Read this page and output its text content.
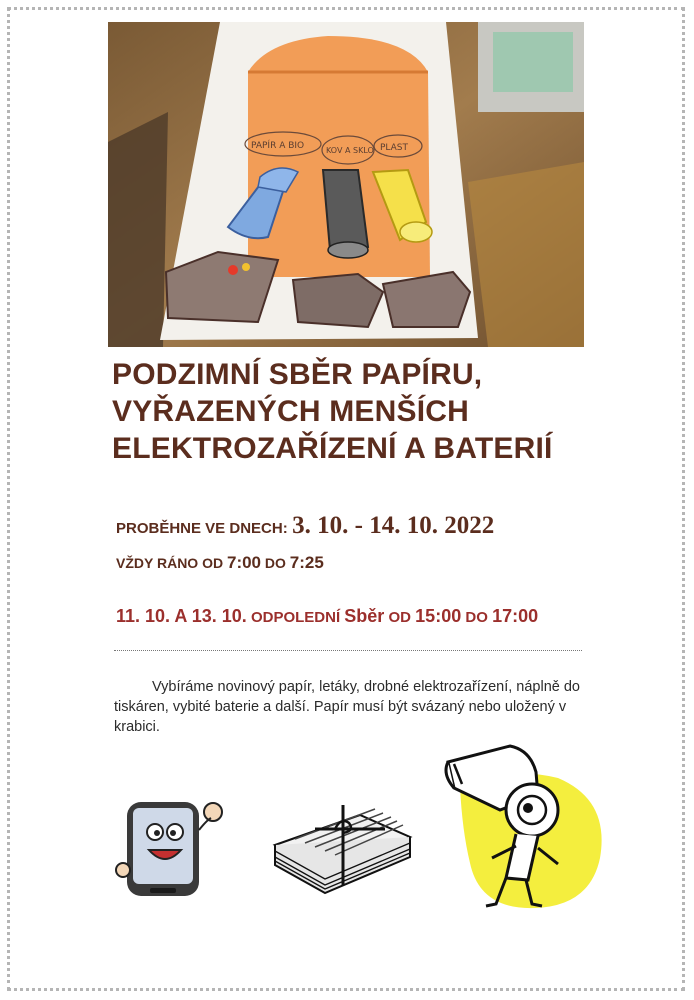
PAPÍR A BIO	KOV A SKLO PLAST
PODZIMNÍ SBĚR PAPÍRU,
VYŘAZENÝCH MENŠÍCH
ELEKTROZAŘÍZENÍ A BATERIÍ
PROBĚHNE VE DNECH: 3. 10. - 14. 10. 2022
VŽDY RÁNO OD 7:00 DO 7:25
11. 10. A 13. 10. ODPOLEDNÍ Sběr OD 15:00 DO 17:00

Vybíráme novinový papír, letáky, drobné elektrozařízení, náplně do tiskáren, vybité baterie a další. Papír musí být svázaný nebo uložený v krabici.
